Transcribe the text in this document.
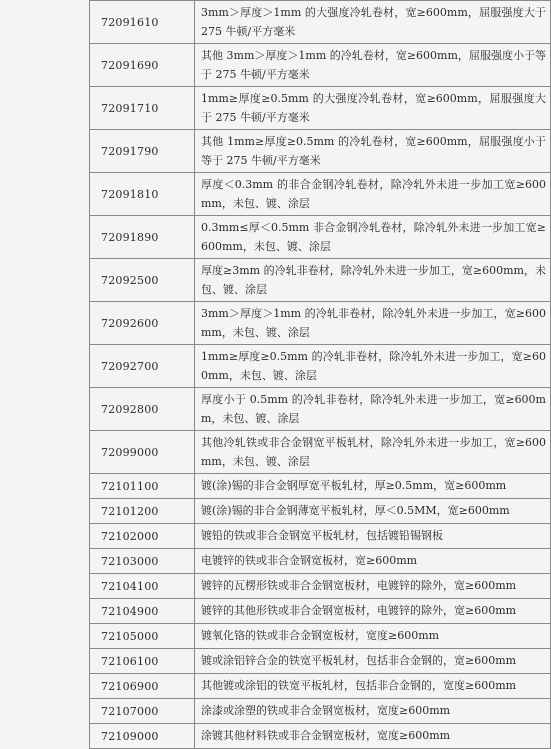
72091610	3mm＞厚度＞1mm 的大强度冷轧卷材，宽≥600mm，屈服强度大于 275 牛顿/平方毫米
72091690	其他 3mm＞厚度＞1mm 的冷轧卷材，宽≥600mm，屈服强度小于等于 275 牛顿/平方毫米
72091710	1mm≥厚度≥0.5mm 的大强度冷轧卷材，宽≥600mm，屈服强度大于 275 牛顿/平方毫米
72091790	其他 1mm≥厚度≥0.5mm 的冷轧卷材，宽≥600mm，屈服强度小于等于 275 牛顿/平方毫米
72091810	厚度＜0.3mm 的非合金钢冷轧卷材，除冷轧外未进一步加工宽≥600mm，未包、镀、涂层
72091890	0.3mm≤厚＜0.5mm 非合金钢冷轧卷材，除冷轧外未进一步加工宽≥600mm，未包、镀、涂层
72092500	厚度≥3mm 的冷轧非卷材，除冷轧外未进一步加工，宽≥600mm，未包、镀、涂层
72092600	3mm＞厚度＞1mm 的冷轧非卷材，除冷轧外未进一步加工，宽≥600mm，未包、镀、涂层
72092700	1mm≥厚度≥0.5mm 的冷轧非卷材，除冷轧外未进一步加工，宽≥600mm，未包、镀、涂层
72092800	厚度小于 0.5mm 的冷轧非卷材，除冷轧外未进一步加工，宽≥600mm，未包、镀、涂层
72099000	其他冷轧铁或非合金钢宽平板轧材，除冷轧外未进一步加工，宽≥600mm，未包、镀、涂层
72101100	镀(涂)锡的非合金钢厚宽平板轧材，厚≥0.5mm，宽≥600mm
72101200	镀(涂)锡的非合金钢薄宽平板轧材，厚＜0.5MM，宽≥600mm
72102000	镀铅的铁或非合金钢宽平板轧材，包括镀铅锡钢板
72103000	电镀锌的铁或非合金钢宽板材，宽≥600mm
72104100	镀锌的瓦楞形铁或非合金钢宽板材，电镀锌的除外，宽≥600mm
72104900	镀锌的其他形铁或非合金钢宽板材，电镀锌的除外，宽≥600mm
72105000	镀氧化铬的铁或非合金钢宽板材，宽度≥600mm
72106100	镀或涂铝锌合金的铁宽平板轧材，包括非合金钢的，宽≥600mm
72106900	其他镀或涂铝的铁宽平板轧材，包括非合金钢的，宽度≥600mm
72107000	涂漆或涂塑的铁或非合金钢宽板材，宽度≥600mm
72109000	涂镀其他材料铁或非合金钢宽板材，宽度≥600mm
